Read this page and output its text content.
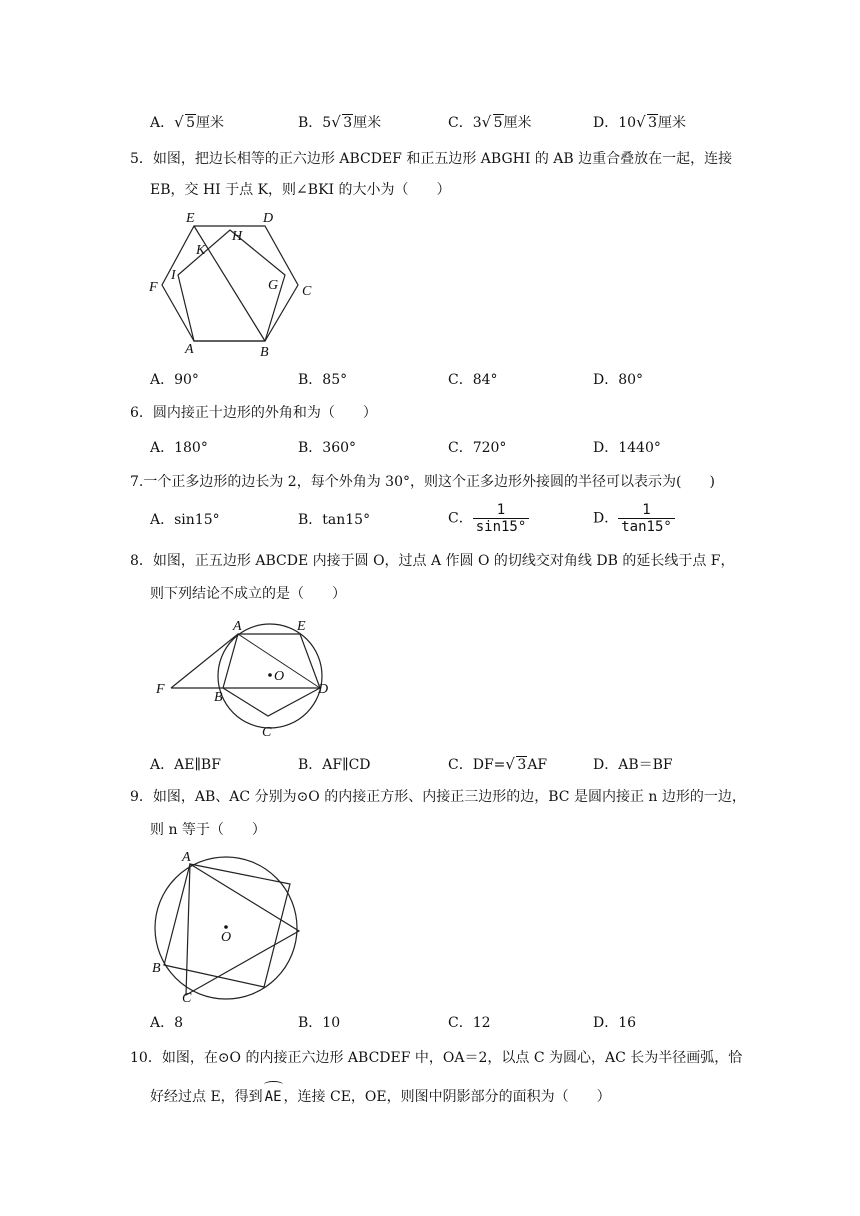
A． √ 5厘米	B．5 √ 3厘米	C．3 √ 5厘米	D．10 √ 3厘米
5．如图，把边长相等的正六边形 ABCDEF 和正五边形 ABGHI 的 AB 边重合叠放在一起，连接
EB，交 HI 于点 K，则∠BKI 的大小为（　　）
E	D
H
K
I
F	G C
A	B
A．90°	B．85°	C．84°	D．80°
6．圆内接正十边形的外角和为（　　）
A．180°	B．360°	C．720°	D．1440°
7.一个正多边形的边长为 2，每个外角为 30°，则这个正多边形外接圆的半径可以表示为(　　)
A．sin15°	B．tan15°	C． $\frac{1}{\sin 15^\circ}$	D． $\frac{1}{\tan 15^\circ}$
8．如图，正五边形 ABCDE 内接于圆 O，过点 A 作圆 O 的切线交对角线 DB 的延长线于点 F，
则下列结论不成立的是（　　）
A	E
F
O
D
B
C
A．AE∥BF	B．AF∥CD	C．DF= √ 3AF	D．AB＝BF
9．如图，AB、AC 分别为⊙O 的内接正方形、内接正三边形的边，BC 是圆内接正 n 边形的一边，
则 n 等于（　　）
A
O
B
C
A．8	B．10	C．12	D．16
10．如图，在⊙O 的内接正六边形 ABCDEF 中，OA＝2，以点 C 为圆心，AC 长为半径画弧，恰
好经过点 E，得到 AE ，连接 CE，OE，则图中阴影部分的面积为（　　）
